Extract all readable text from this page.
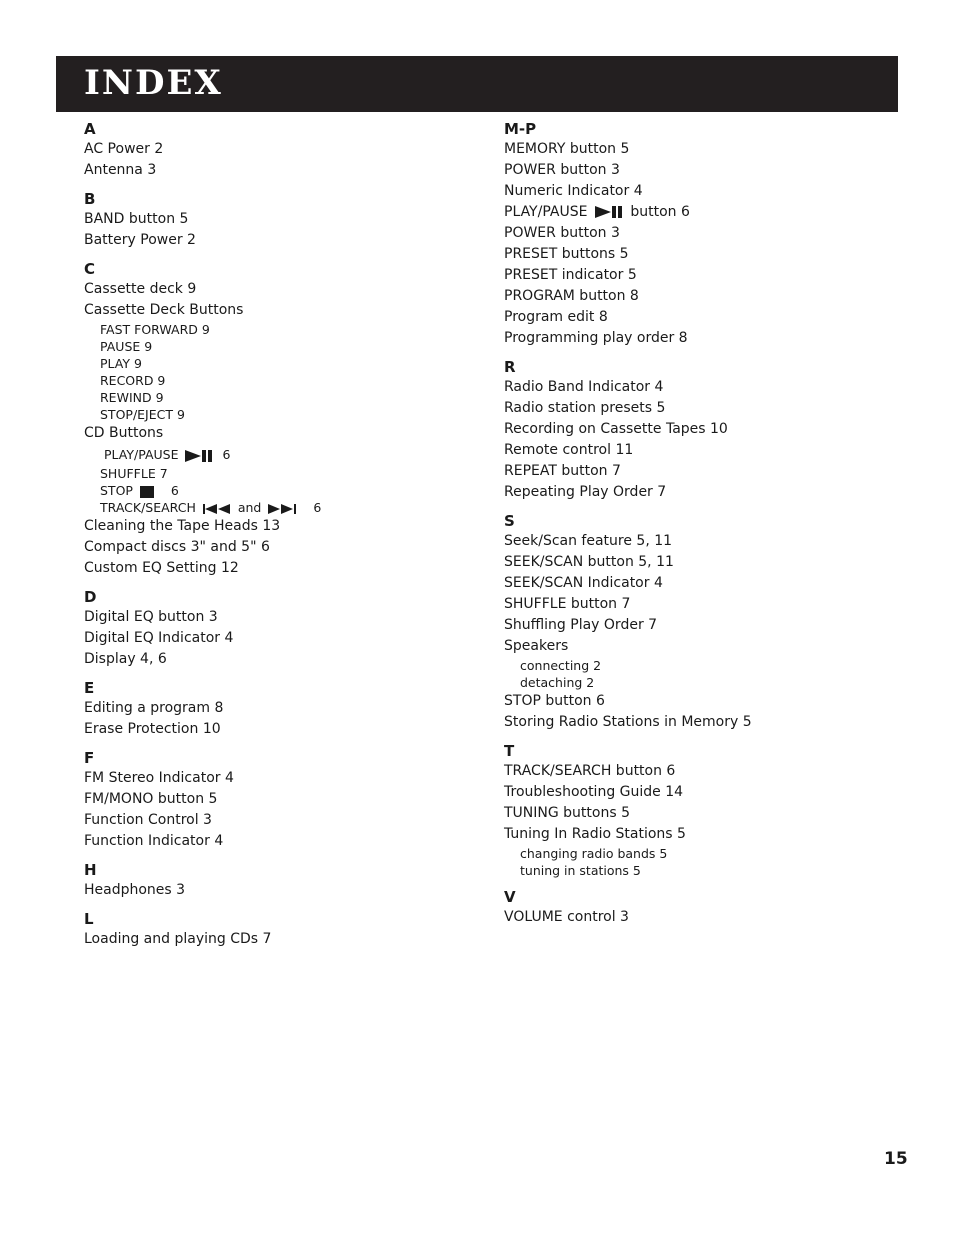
INDEX
A
AC Power 2
Antenna 3
B
BAND button 5
Battery Power 2
C
Cassette deck 9
Cassette Deck Buttons
FAST FORWARD 9
PAUSE 9
PLAY 9
RECORD 9
REWIND 9
STOP/EJECT 9
CD Buttons
PLAY/PAUSE	6
SHUFFLE 7
STOP	6
TRACK/SEARCH	and	6
Cleaning the Tape Heads 13
Compact discs 3" and 5" 6
Custom EQ Setting 12
D
Digital EQ button 3
Digital EQ Indicator 4
Display 4, 6
E
Editing a program 8
Erase Protection 10
F
FM Stereo Indicator 4
FM/MONO button 5
Function Control 3
Function Indicator 4
H
Headphones 3
L
Loading and playing CDs 7
M-P
MEMORY button 5
POWER button 3
Numeric Indicator 4
PLAY/PAUSE	button 6
POWER button 3
PRESET buttons 5
PRESET indicator 5
PROGRAM button 8
Program edit 8
Programming play order 8
R
Radio Band Indicator 4
Radio station presets 5
Recording on Cassette Tapes 10
Remote control 11
REPEAT button 7
Repeating Play Order 7
S
Seek/Scan feature 5, 11
SEEK/SCAN button 5, 11
SEEK/SCAN Indicator 4
SHUFFLE button 7
Shuffling Play Order 7
Speakers
connecting 2
detaching 2
STOP button 6
Storing Radio Stations in Memory 5
T
TRACK/SEARCH button 6
Troubleshooting Guide 14
TUNING buttons 5
Tuning In Radio Stations 5
changing radio bands 5
tuning in stations 5
V
VOLUME control 3
15
